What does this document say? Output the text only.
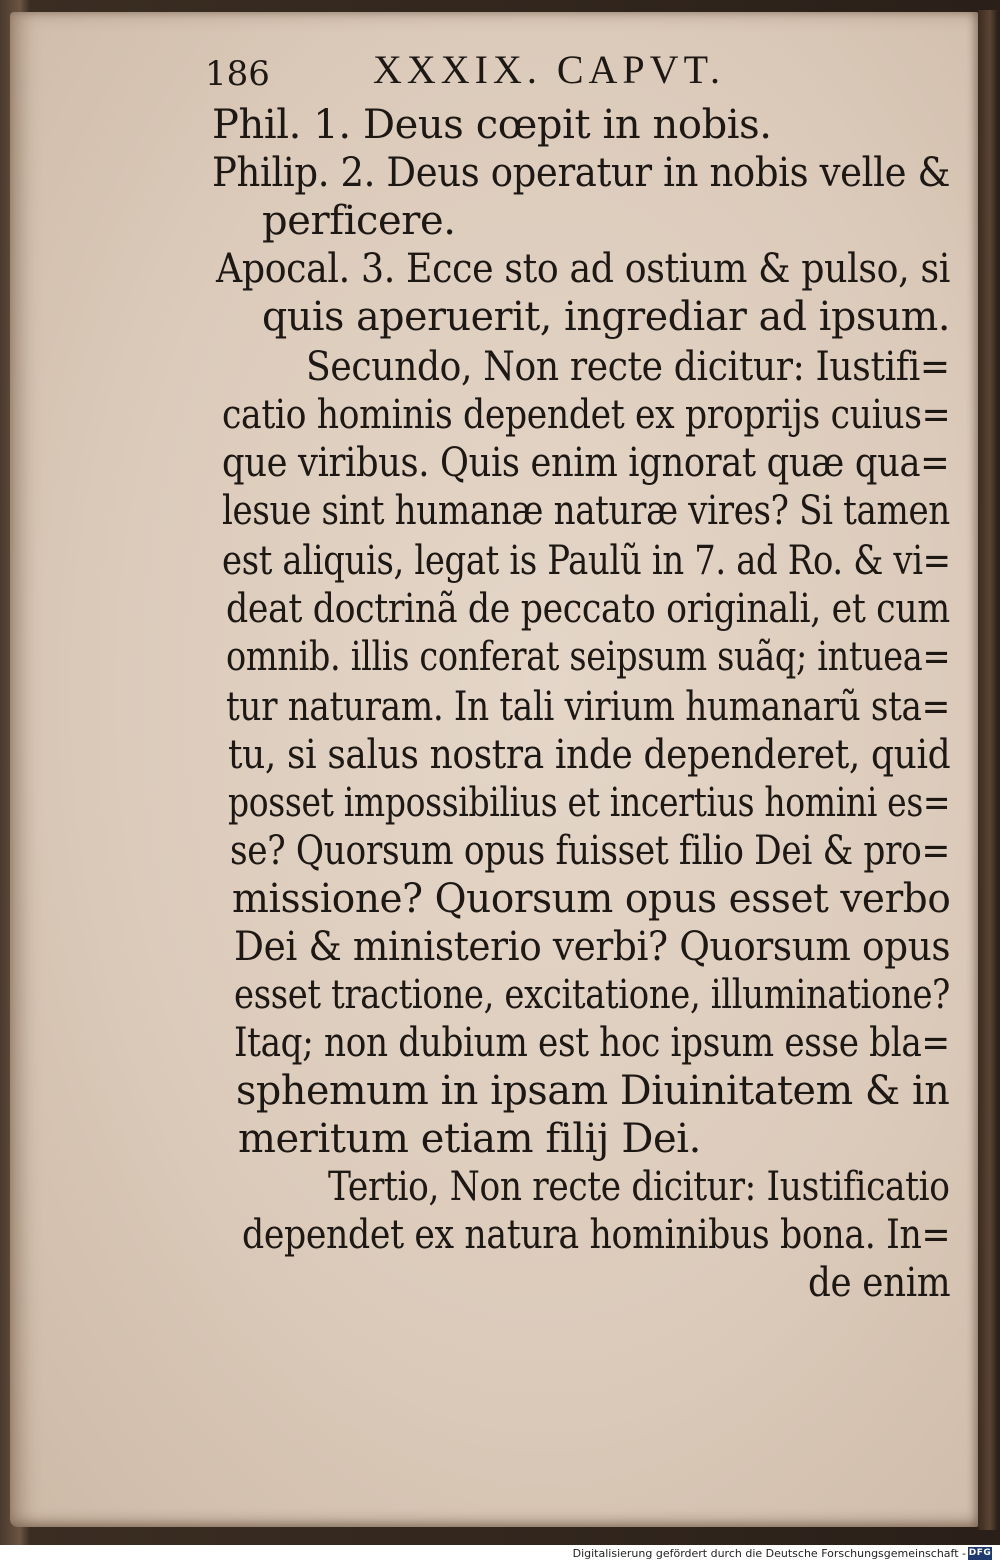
186	XXXIX. CAPVT.
Phil. 1. Deus cœpit in nobis.
Philip. 2. Deus operatur in nobis velle &
perficere.
Apocal. 3. Ecce sto ad ostium & pulso, si
quis aperuerit, ingrediar ad ipsum.
Secundo, Non recte dicitur: Iustifi=
catio hominis dependet ex proprijs cuius=
que viribus. Quis enim ignorat quæ qua=
lesue sint humanæ naturæ vires? Si tamen
est aliquis, legat is Paulũ in 7. ad Ro. & vi=
deat doctrinã de peccato originali, et cum
omnib. illis conferat seipsum suãq; intuea=
tur naturam. In tali virium humanarũ sta=
tu, si salus nostra inde dependeret, quid
posset impossibilius et incertius homini es=
se? Quorsum opus fuisset filio Dei & pro=
missione? Quorsum opus esset verbo
Dei & ministerio verbi? Quorsum opus
esset tractione, excitatione, illuminatione?
Itaq; non dubium est hoc ipsum esse bla=
sphemum in ipsam Diuinitatem & in
meritum etiam filij Dei.
Tertio, Non recte dicitur: Iustificatio
dependet ex natura hominibus bona. In=
de enim
Digitalisierung gefördert durch die Deutsche Forschungsgemeinschaft - DFG
